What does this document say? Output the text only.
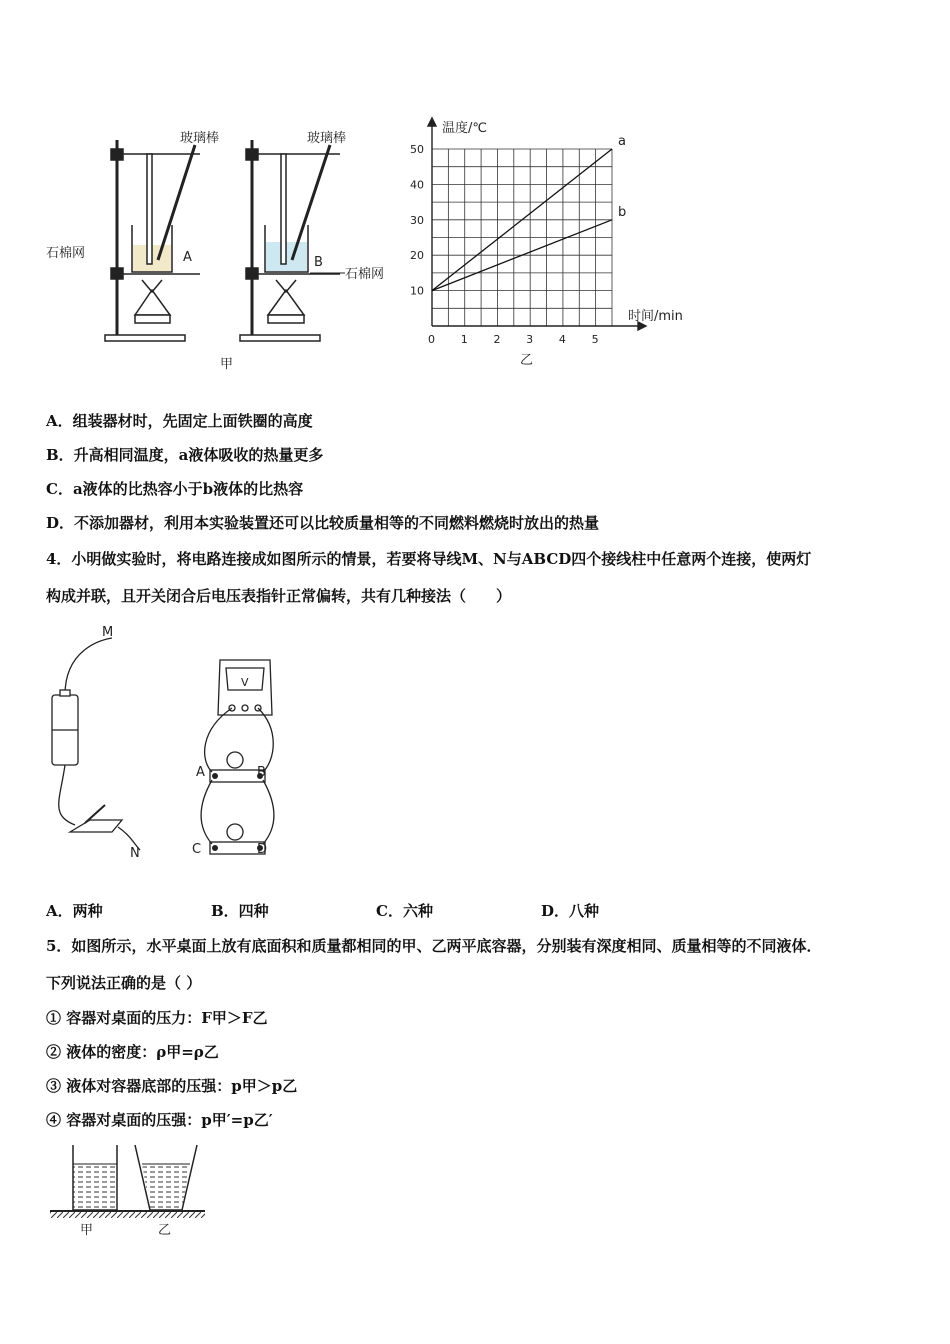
玻璃棒	玻璃棒
石棉网	A	B
石棉网
甲
0 1 2 3 4 5
10
20
30
40
50
a
b
温度/℃
时间/min
乙
A．组装器材时，先固定上面铁圈的高度
B．升高相同温度，a液体吸收的热量更多
C．a液体的比热容小于b液体的比热容
D．不添加器材，利用本实验装置还可以比较质量相等的不同燃料燃烧时放出的热量
4．小明做实验时，将电路连接成如图所示的情景，若要将导线M、N与ABCD四个接线柱中任意两个连接，使两灯
构成并联，且开关闭合后电压表指针正常偏转，共有几种接法（　　）
M
N
A	B
C	D
V
A．两种	B．四种	C．六种	D．八种
5．如图所示，水平桌面上放有底面积和质量都相同的甲、乙两平底容器，分别装有深度相同、质量相等的不同液体．
下列说法正确的是（ ）
① 容器对桌面的压力：F甲＞F乙
② 液体的密度：ρ甲=ρ乙
③ 液体对容器底部的压强：p甲＞p乙
④ 容器对桌面的压强：p甲′=p乙′
甲	乙
